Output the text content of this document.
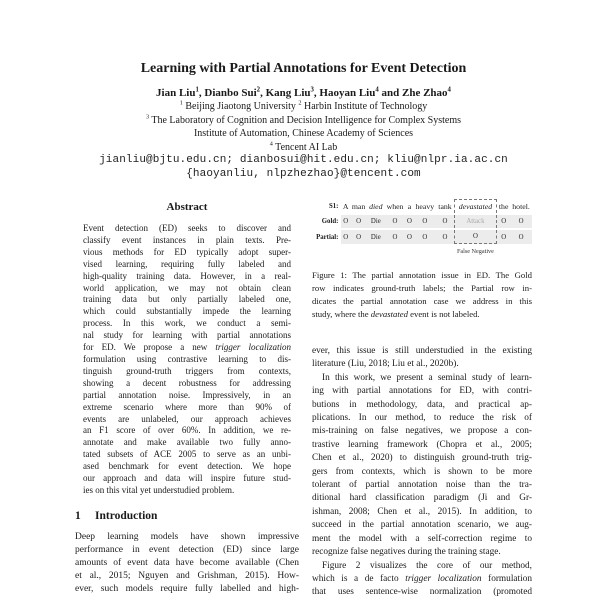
Learning with Partial Annotations for Event Detection
Jian Liu$^1$, Dianbo Sui$^2$, Kang Liu$^3$, Haoyan Liu$^4$ and Zhe Zhao$^4$
$^1$ Beijing Jiaotong University $^2$ Harbin Institute of Technology
$^3$ The Laboratory of Cognition and Decision Intelligence for Complex Systems
Institute of Automation, Chinese Academy of Sciences
$^4$ Tencent AI Lab
jianliu@bjtu.edu.cn; dianbosui@hit.edu.cn; kliu@nlpr.ia.ac.cn
{haoyanliu, nlpzhezhao}@tencent.com
Abstract
Event detection (ED) seeks to discover and
classify event instances in plain texts. Pre-
vious methods for ED typically adopt super-
vised learning, requiring fully labeled and
high-quality training data. However, in a real-
world application, we may not obtain clean
training data but only partially labeled one,
which could substantially impede the learning
process. In this work, we conduct a semi-
nal study for learning with partial annotations
for ED. We propose a new trigger localization
formulation using contrastive learning to dis-
tinguish ground-truth triggers from contexts,
showing a decent robustness for addressing
partial annotation noise. Impressively, in an
extreme scenario where more than 90% of
events are unlabeled, our approach achieves
an F1 score of over 60%. In addition, we re-
annotate and make available two fully anno-
tated subsets of ACE 2005 to serve as an unbi-
ased benchmark for event detection. We hope
our approach and data will inspire future stud-
ies on this vital yet understudied problem.
1 Introduction
Deep learning models have shown impressive
performance in event detection (ED) since large
amounts of event data have become available (Chen
et al., 2015; Nguyen and Grishman, 2015). How-
ever, such models require fully labelled and high-
S1:	A	man	died	when	a	heavy	tank	devastated	the	hotel.
Gold:	O	O	Die	O	O	O	O	Attack	O	O
Partial:	O	O	Die	O	O	O	O	O	O	O
								False Negative		
Figure 1: The partial annotation issue in ED. The Gold
row indicates ground-truth labels; the Partial row in-
dicates the partial annotation case we address in this
study, where the devastated event is not labeled.
ever, this issue is still understudied in the existing
literature (Liu, 2018; Liu et al., 2020b).
In this work, we present a seminal study of learn-
ing with partial annotations for ED, with contri-
butions in methodology, data, and practical ap-
plications. In our method, to reduce the risk of
mis-training on false negatives, we propose a con-
trastive learning framework (Chopra et al., 2005;
Chen et al., 2020) to distinguish ground-truth trig-
gers from contexts, which is shown to be more
tolerant of partial annotation noise than the tra-
ditional hard classification paradigm (Ji and Gr-
ishman, 2008; Chen et al., 2015). In addition, to
succeed in the partial annotation scenario, we aug-
ment the model with a self-correction regime to
recognize false negatives during the training stage.
Figure 2 visualizes the core of our method,
which is a de facto trigger localization formulation
that uses sentence-wise normalization (promoted
